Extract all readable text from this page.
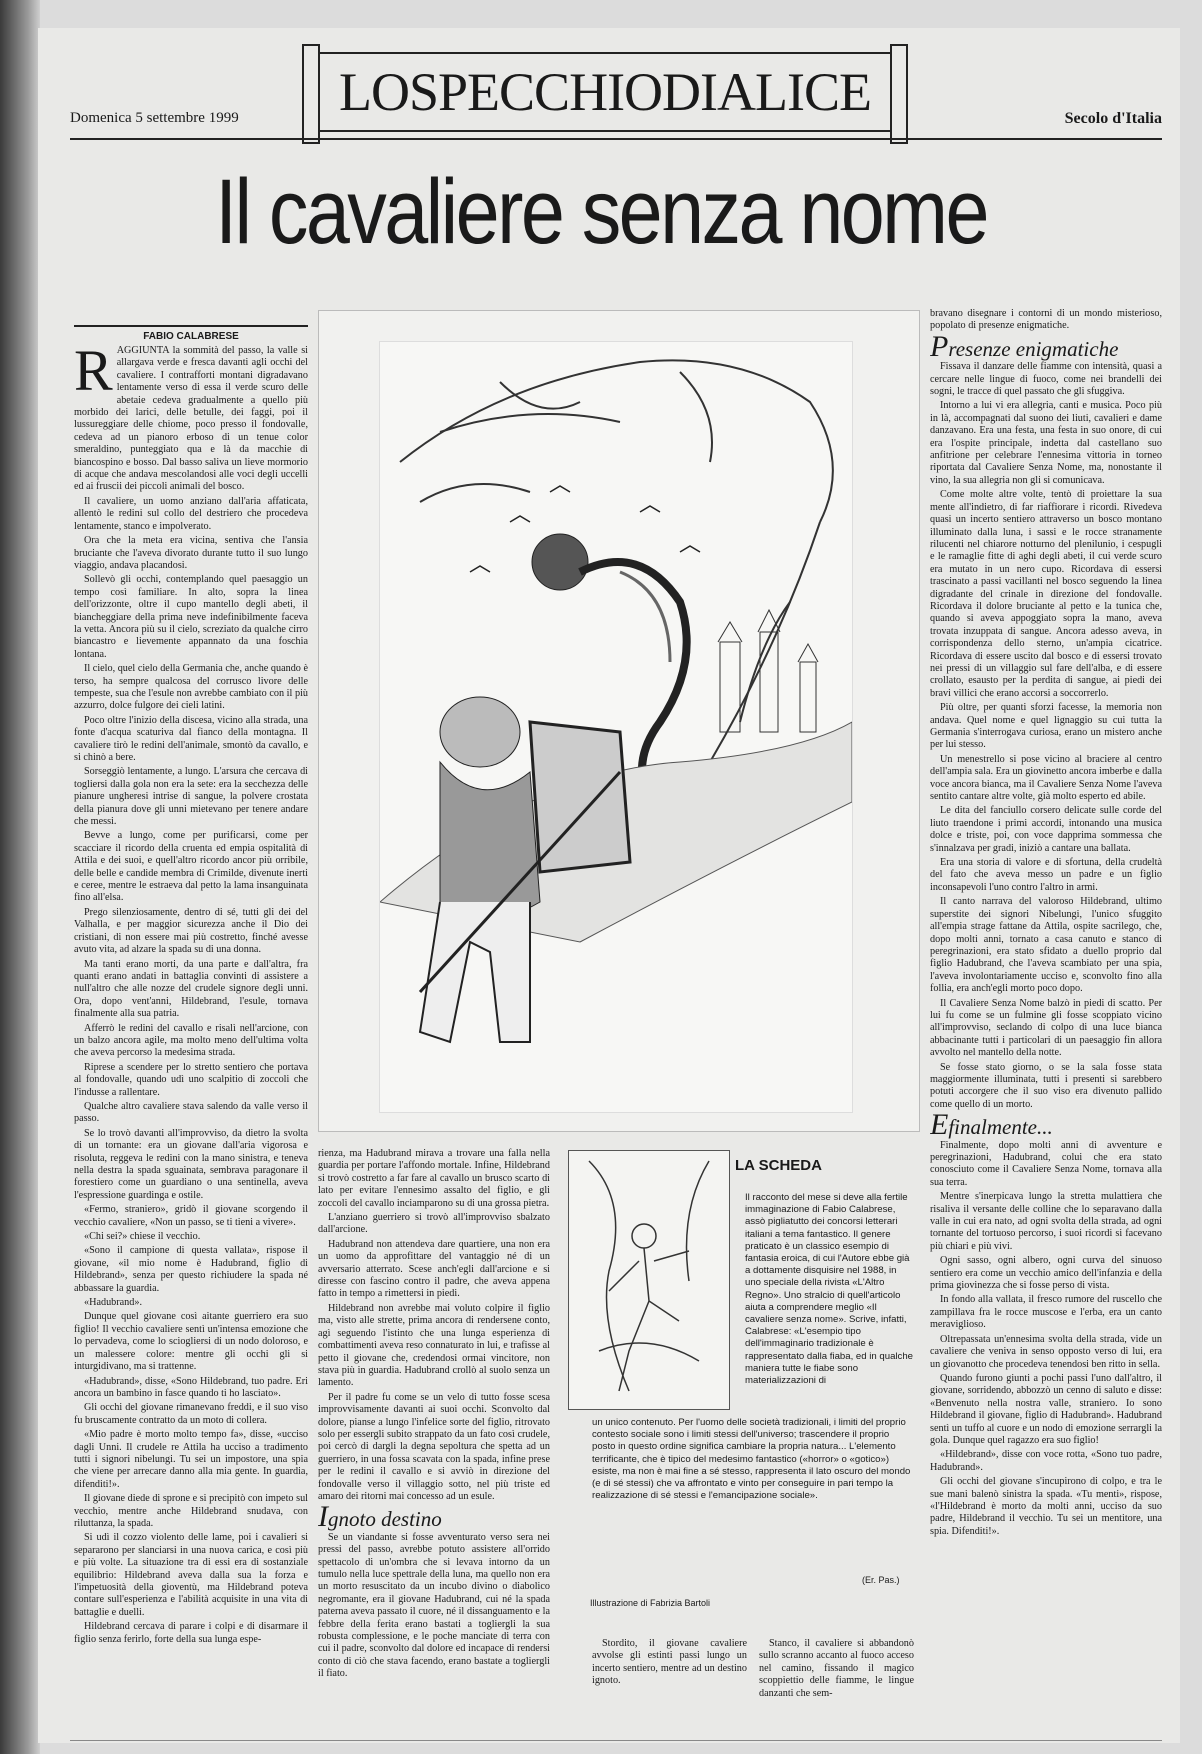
Domenica 5 settembre 1999	LOSPECCHIODIALICE	Secolo d'Italia
Il cavaliere senza nome
FABIO CALABRESE

RAGGIUNTA la sommità del passo, la valle si allargava verde e fresca davanti agli occhi del cavaliere. I contrafforti montani digradavano lentamente verso di essa il verde scuro delle abetaie cedeva gradualmente a quello più morbido dei larici, delle betulle, dei faggi, poi il lussureggiare delle chiome, poco presso il fondovalle, cedeva ad un pianoro erboso di un tenue color smeraldino, punteggiato qua e là da macchie di biancospino e bosso. Dal basso saliva un lieve mormorio di acque che andava mescolandosi alle voci degli uccelli ed ai fruscii dei piccoli animali del bosco.

Il cavaliere, un uomo anziano dall'aria affaticata, allentò le redini sul collo del destriero che procedeva lentamente, stanco e impolverato.

Ora che la meta era vicina, sentiva che l'ansia bruciante che l'aveva divorato durante tutto il suo lungo viaggio, andava placandosi.

Sollevò gli occhi, contemplando quel paesaggio un tempo così familiare. In alto, sopra la linea dell'orizzonte, oltre il cupo mantello degli abeti, il biancheggiare della prima neve indefinibilmente faceva la vetta. Ancora più su il cielo, screziato da qualche cirro biancastro e lievemente appannato da una foschia lontana.

Il cielo, quel cielo della Germania che, anche quando è terso, ha sempre qualcosa del corrusco livore delle tempeste, sua che l'esule non avrebbe cambiato con il più azzurro, dolce fulgore dei cieli latini.

Poco oltre l'inizio della discesa, vicino alla strada, una fonte d'acqua scaturiva dal fianco della montagna. Il cavaliere tirò le redini dell'animale, smontò da cavallo, e si chinò a bere.

Sorseggiò lentamente, a lungo. L'arsura che cercava di togliersi dalla gola non era la sete: era la secchezza delle pianure ungheresi intrise di sangue, la polvere crostata della pianura dove gli unni mietevano per tenere andare che messi.

Bevve a lungo, come per purificarsi, come per scacciare il ricordo della cruenta ed empia ospitalità di Attila e dei suoi, e quell'altro ricordo ancor più orribile, delle belle e candide membra di Crimilde, divenute inerti e ceree, mentre le estraeva dal petto la lama insanguinata fino all'elsa.

Prego silenziosamente, dentro di sé, tutti gli dei del Valhalla, e per maggior sicurezza anche il Dio dei cristiani, di non essere mai più costretto, finché avesse avuto vita, ad alzare la spada su di una donna.

Ma tanti erano morti, da una parte e dall'altra, fra quanti erano andati in battaglia convinti di assistere a null'altro che alle nozze del crudele signore degli unni. Ora, dopo vent'anni, Hildebrand, l'esule, tornava finalmente alla sua patria.

Afferrò le redini del cavallo e risalì nell'arcione, con un balzo ancora agile, ma molto meno dell'ultima volta che aveva percorso la medesima strada.

Riprese a scendere per lo stretto sentiero che portava al fondovalle, quando udì uno scalpitio di zoccoli che l'indusse a rallentare.

Qualche altro cavaliere stava salendo da valle verso il passo.

Se lo trovò davanti all'improvviso, da dietro la svolta di un tornante: era un giovane dall'aria vigorosa e risoluta, reggeva le redini con la mano sinistra, e teneva nella destra la spada sguainata, sembrava paragonare il forestiero come un guardiano o una sentinella, aveva l'espressione guardinga e ostile.

«Fermo, straniero», gridò il giovane scorgendo il vecchio cavaliere, «Non un passo, se ti tieni a vivere».

«Chi sei?» chiese il vecchio.

«Sono il campione di questa vallata», rispose il giovane, «il mio nome è Hadubrand, figlio di Hildebrand», senza per questo richiudere la spada né abbassare la guardia.

«Hadubrand».

Dunque quel giovane così aitante guerriero era suo figlio! Il vecchio cavaliere sentì un'intensa emozione che lo pervadeva, come lo sciogliersi di un nodo doloroso, e un malessere colore: mentre gli occhi gli si inturgidivano, ma si trattenne.

«Hadubrand», disse, «Sono Hildebrand, tuo padre. Eri ancora un bambino in fasce quando ti ho lasciato».

Gli occhi del giovane rimanevano freddi, e il suo viso fu bruscamente contratto da un moto di collera.

«Mio padre è morto molto tempo fa», disse, «ucciso dagli Unni. Il crudele re Attila ha ucciso a tradimento tutti i signori nibelungi. Tu sei un impostore, una spia che viene per arrecare danno alla mia gente. In guardia, difenditi!».

Il giovane diede di sprone e si precipitò con impeto sul vecchio, mentre anche Hildebrand snudava, con riluttanza, la spada.

Si udì il cozzo violento delle lame, poi i cavalieri si separarono per slanciarsi in una nuova carica, e così più e più volte. La situazione tra di essi era di sostanziale equilibrio: Hildebrand aveva dalla sua la forza e l'impetuosità della gioventù, ma Hildebrand poteva contare sull'esperienza e l'abilità acquisite in una vita di battaglie e duelli.

Hildebrand cercava di parare i colpi e di disarmare il figlio senza ferirlo, forte della sua lunga espe-

rienza, ma Hadubrand mirava a trovare una falla nella guardia per portare l'affondo mortale. Infine, Hildebrand si trovò costretto a far fare al cavallo un brusco scarto di lato per evitare l'ennesimo assalto del figlio, e gli zoccoli del cavallo inciamparono su di una grossa pietra.

L'anziano guerriero si trovò all'improvviso sbalzato dall'arcione.

Hadubrand non attendeva dare quartiere, una non era un uomo da approfittare del vantaggio né di un avversario atterrato. Scese anch'egli dall'arcione e si diresse con fascino contro il padre, che aveva appena fatto in tempo a rimettersi in piedi.

Hildebrand non avrebbe mai voluto colpire il figlio ma, visto alle strette, prima ancora di rendersene conto, agì seguendo l'istinto che una lunga esperienza di combattimenti aveva reso connaturato in lui, e trafisse al petto il giovane che, credendosi ormai vincitore, non stava più in guardia. Hadubrand crollò al suolo senza un lamento.

Per il padre fu come se un velo di tutto fosse scesa improvvisamente davanti ai suoi occhi. Sconvolto dal dolore, pianse a lungo l'infelice sorte del figlio, ritrovato solo per essergli subito strappato da un fato così crudele, poi cercò di dargli la degna sepoltura che spetta ad un guerriero, in una fossa scavata con la spada, infine prese per le redini il cavallo e si avviò in direzione del fondovalle verso il villaggio sotto, nel più triste ed amaro dei ritorni mai concesso ad un esule.

Ignoto destino

Se un viandante si fosse avventurato verso sera nei pressi del passo, avrebbe potuto assistere all'orrido spettacolo di un'ombra che si levava intorno da un tumulo nella luce spettrale della luna, ma quello non era un morto resuscitato da un incubo divino o diabolico negromante, era il giovane Hadubrand, cui né la spada paterna aveva passato il cuore, né il dissanguamento e la febbre della ferita erano bastati a togliergli la sua robusta complessione, e le poche manciate di terra con cui il padre, sconvolto dal dolore ed incapace di rendersi conto di ciò che stava facendo, erano bastate a togliergli il fiato.

LA SCHEDA
Il racconto del mese si deve alla fertile immaginazione di Fabio Calabrese, assò pigliatutto dei concorsi letterari italiani a tema fantastico. Il genere praticato è un classico esempio di fantasia eroica, di cui l'Autore ebbe già a dottamente disquisire nel 1988, in uno speciale della rivista «L'Altro Regno». Uno stralcio di quell'articolo aiuta a comprendere meglio «Il cavaliere senza nome». Scrive, infatti, Calabrese: «L'esempio tipo dell'immaginario tradizionale è rappresentato dalla fiaba, ed in qualche maniera tutte le fiabe sono materializzazioni di
un unico contenuto. Per l'uomo delle società tradizionali, i limiti del proprio contesto sociale sono i limiti stessi dell'universo; trascendere il proprio posto in questo ordine significa cambiare la propria natura... L'elemento terrificante, che è tipico del medesimo fantastico («horror» o «gotico») esiste, ma non è mai fine a sé stesso, rappresenta il lato oscuro del mondo (e di sé stessi) che va affrontato e vinto per conseguire in pari tempo la realizzazione di sé stessi e l'emancipazione sociale».
(Er. Pas.)
Illustrazione di Fabrizia Bartoli

Stordito, il giovane cavaliere avvolse gli estinti passi lungo un incerto sentiero, mentre ad un destino ignoto.

Stanco, il cavaliere si abbandonò sullo scranno accanto al fuoco acceso nel camino, fissando il magico scoppiettio delle fiamme, le lingue danzanti che sem-

bravano disegnare i contorni di un mondo misterioso, popolato di presenze enigmatiche.

Presenze enigmatiche

Fissava il danzare delle fiamme con intensità, quasi a cercare nelle lingue di fuoco, come nei brandelli dei sogni, le tracce di quel passato che gli sfuggiva.

Intorno a lui vi era allegria, canti e musica. Poco più in là, accompagnati dal suono dei liuti, cavalieri e dame danzavano. Era una festa, una festa in suo onore, di cui era l'ospite principale, indetta dal castellano suo anfitrione per celebrare l'ennesima vittoria in torneo riportata dal Cavaliere Senza Nome, ma, nonostante il vino, la sua allegria non gli si comunicava.

Come molte altre volte, tentò di proiettare la sua mente all'indietro, di far riaffiorare i ricordi. Rivedeva quasi un incerto sentiero attraverso un bosco montano illuminato dalla luna, i sassi e le rocce stranamente rilucenti nel chiarore notturno del plenilunio, i cespugli e le ramaglie fitte di aghi degli abeti, il cui verde scuro era mutato in un nero cupo. Ricordava di essersi trascinato a passi vacillanti nel bosco seguendo la linea digradante del crinale in direzione del fondovalle. Ricordava il dolore bruciante al petto e la tunica che, quando si aveva appoggiato sopra la mano, aveva trovata inzuppata di sangue. Ancora adesso aveva, in corrispondenza dello sterno, un'ampia cicatrice. Ricordava di essere uscito dal bosco e di essersi trovato nei pressi di un villaggio sul fare dell'alba, e di essere crollato, esausto per la perdita di sangue, ai piedi dei bravi villici che erano accorsi a soccorrerlo.

Più oltre, per quanti sforzi facesse, la memoria non andava. Quel nome e quel lignaggio su cui tutta la Germania s'interrogava curiosa, erano un mistero anche per lui stesso.

Un menestrello si pose vicino al braciere al centro dell'ampia sala. Era un giovinetto ancora imberbe e dalla voce ancora bianca, ma il Cavaliere Senza Nome l'aveva sentito cantare altre volte, già molto esperto ed abile.

Le dita del fanciullo corsero delicate sulle corde del liuto traendone i primi accordi, intonando una musica dolce e triste, poi, con voce dapprima sommessa che s'innalzava per gradi, iniziò a cantare una ballata.

Era una storia di valore e di sfortuna, della crudeltà del fato che aveva messo un padre e un figlio inconsapevoli l'uno contro l'altro in armi.

Il canto narrava del valoroso Hildebrand, ultimo superstite dei signori Nibelungi, l'unico sfuggito all'empia strage fattane da Attila, ospite sacrilego, che, dopo molti anni, tornato a casa canuto e stanco di peregrinazioni, era stato sfidato a duello proprio dal figlio Hadubrand, che l'aveva scambiato per una spia, l'aveva involontariamente ucciso e, sconvolto fino alla follia, era anch'egli morto poco dopo.

Il Cavaliere Senza Nome balzò in piedi di scatto. Per lui fu come se un fulmine gli fosse scoppiato vicino all'improvviso, seclando di colpo di una luce bianca abbacinante tutti i particolari di un paesaggio fin allora avvolto nel mantello della notte.

Se fosse stato giorno, o se la sala fosse stata maggiormente illuminata, tutti i presenti si sarebbero potuti accorgere che il suo viso era divenuto pallido come quello di un morto.

Efinalmente...

Finalmente, dopo molti anni di avventure e peregrinazioni, Hadubrand, colui che era stato conosciuto come il Cavaliere Senza Nome, tornava alla sua terra.

Mentre s'inerpicava lungo la stretta mulattiera che risaliva il versante delle colline che lo separavano dalla valle in cui era nato, ad ogni svolta della strada, ad ogni tornante del tortuoso percorso, i suoi ricordi si facevano più chiari e più vivi.

Ogni sasso, ogni albero, ogni curva del sinuoso sentiero era come un vecchio amico dell'infanzia e della prima giovinezza che si fosse perso di vista.

In fondo alla vallata, il fresco rumore del ruscello che zampillava fra le rocce muscose e l'erba, era un canto meraviglioso.

Oltrepassata un'ennesima svolta della strada, vide un cavaliere che veniva in senso opposto verso di lui, era un giovanotto che procedeva tenendosi ben ritto in sella.

Quando furono giunti a pochi passi l'uno dall'altro, il giovane, sorridendo, abbozzò un cenno di saluto e disse: «Benvenuto nella nostra valle, straniero. Io sono Hildebrand il giovane, figlio di Hadubrand». Hadubrand sentì un tuffo al cuore e un nodo di emozione serrargli la gola. Dunque quel ragazzo era suo figlio!

«Hildebrand», disse con voce rotta, «Sono tuo padre, Hadubrand».

Gli occhi del giovane s'incupirono di colpo, e tra le sue mani balenò sinistra la spada. «Tu menti», rispose, «l'Hildebrand è morto da molti anni, ucciso da suo padre, Hildebrand il vecchio. Tu sei un mentitore, una spia. Difenditi!».
